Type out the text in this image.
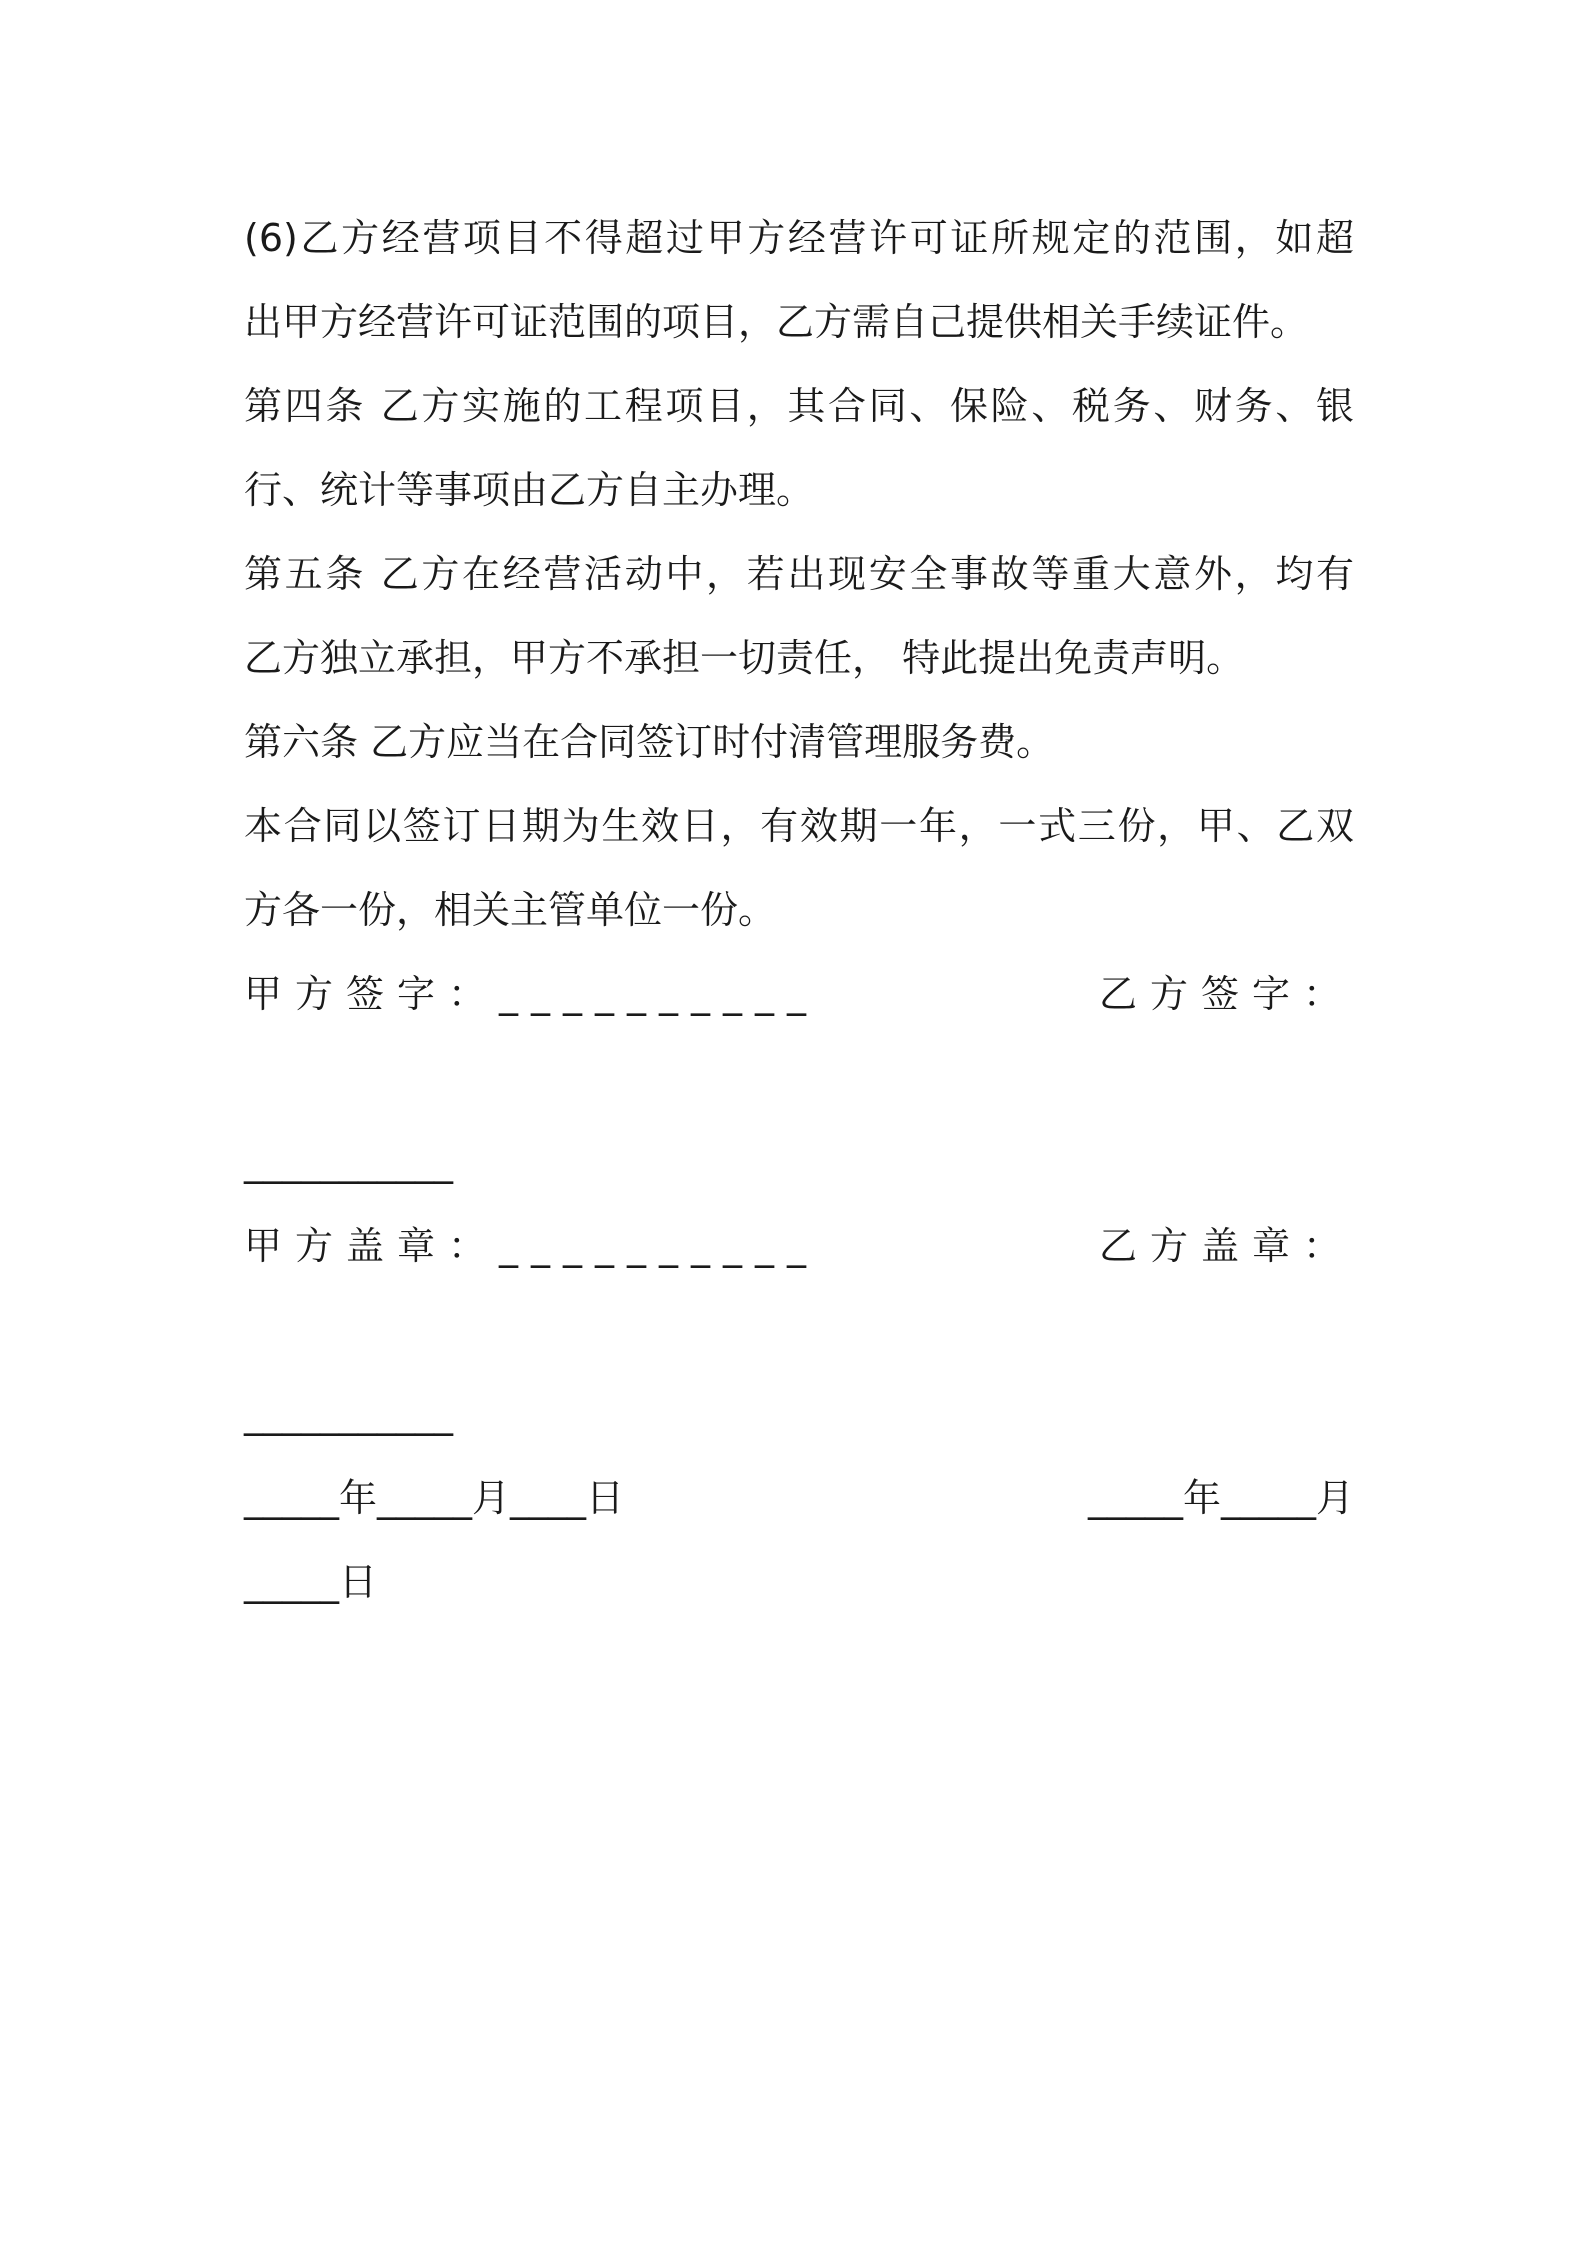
(6)乙方经营项目不得超过甲方经营许可证所规定的范围，如超
出甲方经营许可证范围的项目，乙方需自己提供相关手续证件。
第四条 乙方实施的工程项目，其合同、保险、税务、财务、银
行、统计等事项由乙方自主办理。
第五条 乙方在经营活动中，若出现安全事故等重大意外，均有
乙方独立承担，甲方不承担一切责任， 特此提出免责声明。
第六条 乙方应当在合同签订时付清管理服务费。
本合同以签订日期为生效日，有效期一年，一式三份，甲、乙双
方各一份，相关主管单位一份。
甲方签字：__________	乙方签字：
___________
甲方盖章：__________	乙方盖章：
___________
_____年_____月____日	_____年_____月
_____日
